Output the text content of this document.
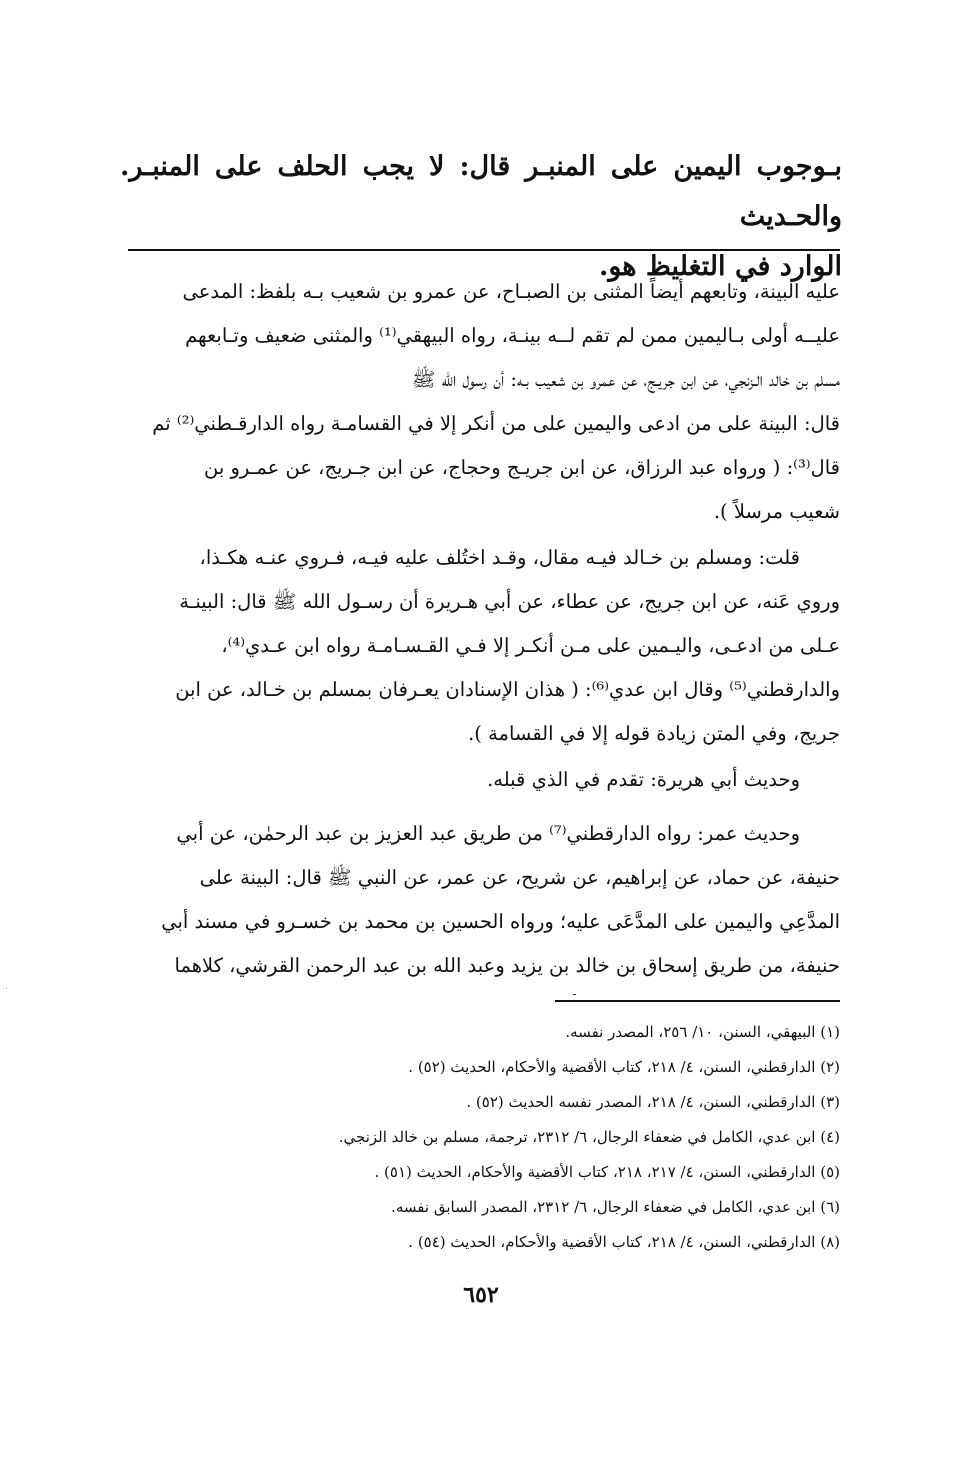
بـوجوب اليمين على المنبـر قال: لا يجب الحلف على المنبـر. والحـديث
الوارد في التغليظ هو.
عليه البينة، وتابعهم أيضاً المثنى بن الصبـاح، عن عمرو بن شعيب بـه بلفظ: المدعى
عليــه أولى بـاليمين ممن لم تقم لــه بينـة، رواه البيهقي⁽¹⁾ والمثنى ضعيف وتـابعهم
مسلم بن خالد الـزنجي، عن ابن جريـج، عن عمرو بن شعيب بـه: أن رسول الله ﷺ
قال: البينة على من ادعى واليمين على من أنكر إلا في القسامـة رواه الدارقـطني⁽²⁾ ثم
قال⁽³⁾: ( ورواه عبد الرزاق، عن ابن جريـج وحجاج، عن ابن جـريج، عن عمـرو بن
شعيب مرسلاً ).
قلت: ومسلم بن خـالد فيـه مقال، وقـد اختُلف عليه فيـه، فـروي عنـه هكـذا،
وروي عَنه، عن ابن جريج، عن عطاء، عن أبي هـريرة أن رسـول الله ﷺ قال: البينـة
عـلى من ادعـى، واليـمين على مـن أنكـر إلا فـي القـسـامـة رواه ابن عـدي⁽⁴⁾،
والدارقطني⁽⁵⁾ وقال ابن عدي⁽⁶⁾: ( هذان الإسنادان يعـرفان بمسلم بن خـالد، عن ابن
جريج، وفي المتن زيادة قوله إلا في القسامة ).
وحديث أبي هريرة: تقدم في الذي قبله.
وحديث عمر: رواه الدارقطني⁽⁷⁾ من طريق عبد العزيز بن عبد الرحمٰن، عن أبي
حنيفة، عن حماد، عن إبراهيم، عن شريح، عن عمر، عن النبي ﷺ قال: البينة على
المدَّعِي واليمين على المدَّعَى عليه؛ ورواه الحسين بن محمد بن خسـرو في مسند أبي
حنيفة، من طريق إسحاق بن خالد بن يزيد وعبد الله بن عبد الرحمن القرشي، كلاهما
ـ
(١) البيهقي، السنن، ١٠/ ٢٥٦، المصدر نفسه.
(٢) الدارقطني، السنن، ٤/ ٢١٨، كتاب الأقضية والأحكام، الحديث (٥٢) .
(٣) الدارقطني، السنن، ٤/ ٢١٨، المصدر نفسه الحديث (٥٢) .
(٤) ابن عدي، الكامل في ضعفاء الرجال، ٦/ ٢٣١٢، ترجمة، مسلم بن خالد الزنجي.
(٥) الدارقطني، السنن، ٤/ ٢١٧، ٢١٨، كتاب الأقضية والأحكام، الحديث (٥١) .
(٦) ابن عدي، الكامل في ضعفاء الرجال، ٦/ ٢٣١٢، المصدر السابق نفسه.
(٨) الدارقطني، السنن، ٤/ ٢١٨، كتاب الأقضية والأحكام، الحديث (٥٤) .
٦٥٢
